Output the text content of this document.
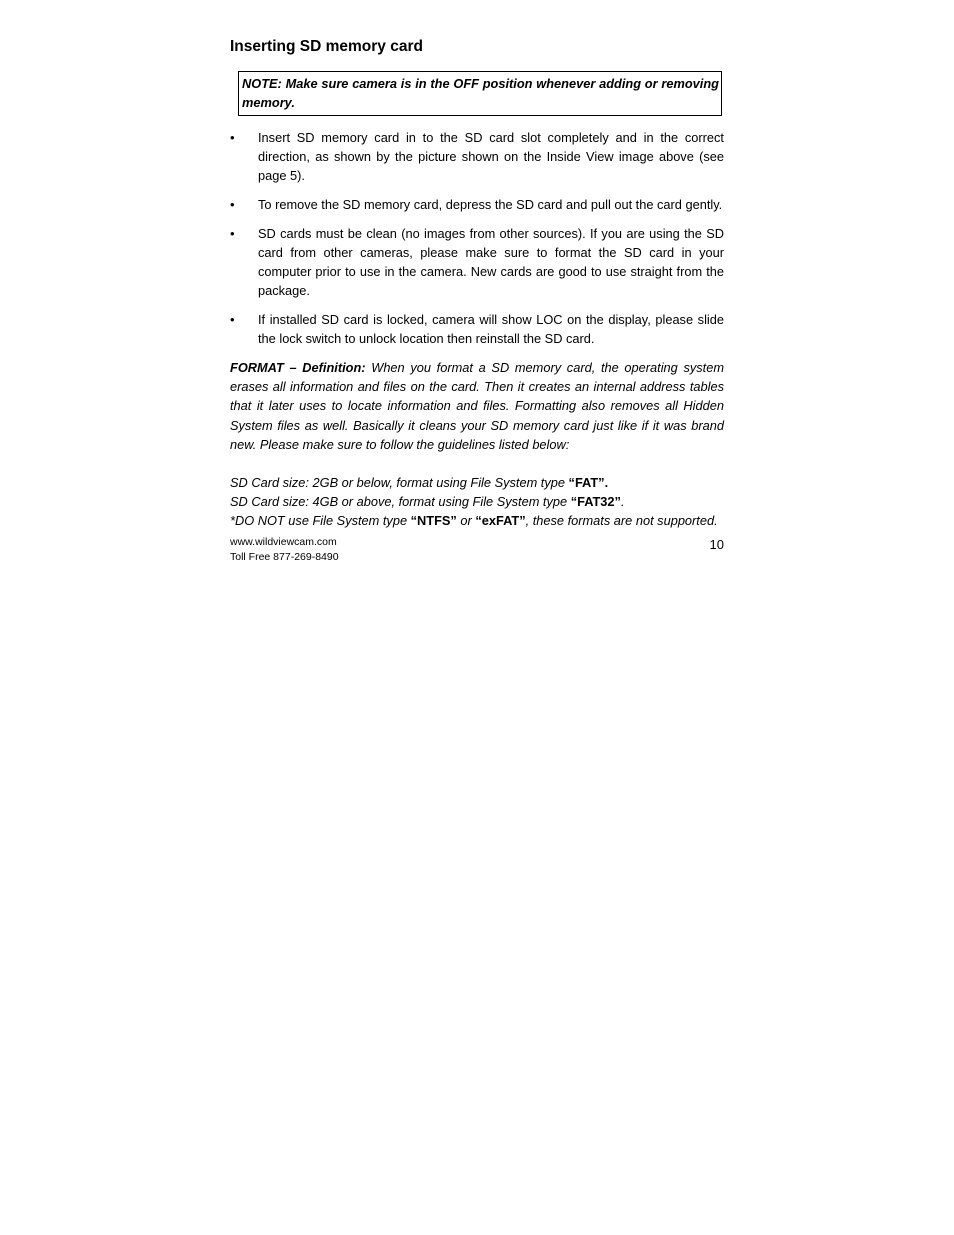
Inserting SD memory card
NOTE: Make sure camera is in the OFF position whenever adding or removing memory.
• Insert SD memory card in to the SD card slot completely and in the correct direction, as shown by the picture shown on the Inside View image above (see page 5).
• To remove the SD memory card, depress the SD card and pull out the card gently.
• SD cards must be clean (no images from other sources). If you are using the SD card from other cameras, please make sure to format the SD card in your computer prior to use in the camera. New cards are good to use straight from the package.
• If installed SD card is locked, camera will show LOC on the display, please slide the lock switch to unlock location then reinstall the SD card.

FORMAT – Definition: When you format a SD memory card, the operating system erases all information and files on the card. Then it creates an internal address tables that it later uses to locate information and files. Formatting also removes all Hidden System files as well. Basically it cleans your SD memory card just like if it was brand new. Please make sure to follow the guidelines listed below:

SD Card size: 2GB or below, format using File System type “FAT”.

SD Card size: 4GB or above, format using File System type “FAT32”.

*DO NOT use File System type “NTFS” or “exFAT”, these formats are not supported.

www.wildviewcam.com
Toll Free 877-269-8490
10
